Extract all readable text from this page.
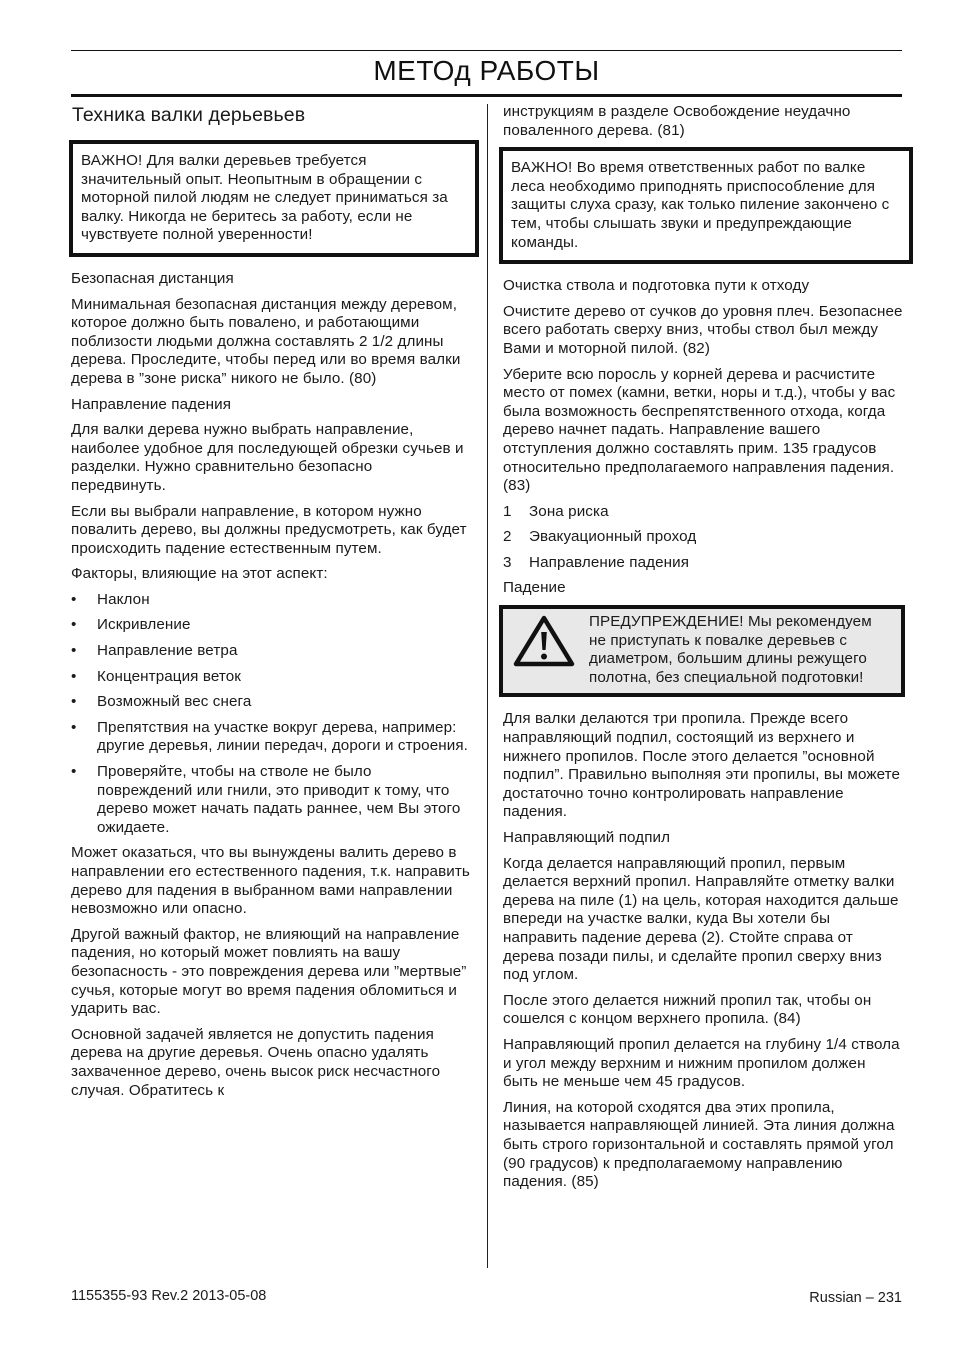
МЕТОд РАБОТЫ
Техника валки дерьевьев

ВАЖНО! Для валки деревьев требуется значительный опыт. Неопытным в обращении с моторной пилой людям не следует приниматься за валку. Никогда не беритесь за работу, если не чувствуете полной уверенности!

Безопасная дистанция

Минимальная безопасная дистанция между деревом, которое должно быть повалено, и работающими поблизости людьми должна составлять 2 1/2 длины дерева. Проследите, чтобы перед или во время валки дерева в ”зоне риска” никого не было. (80)

Направление падения

Для валки дерева нужно выбрать направление, наиболее удобное для последующей обрезки сучьев и разделки. Нужно сравнительно безопасно передвинуть.

Если вы выбрали направление, в котором нужно повалить дерево, вы должны предусмотреть, как будет происходить падение естественным путем.

Факторы, влияющие на этот аспект:

• Наклон
• Искривление
• Направление ветра
• Концентрация веток
• Возможный вес снега
• Препятствия на участке вокруг дерева, например: другие деревья, линии передач, дороги и строения.
• Проверяйте, чтобы на стволе не было повреждений или гнили, это приводит к тому, что дерево может начать падать раннее, чем Вы этого ожидаете.

Может оказаться, что вы вынуждены валить дерево в направлении его естественного падения, т.к. направить дерево для падения в выбранном вами направлении невозможно или опасно.

Другой важный фактор, не влияющий на направление падения, но который может повлиять на вашу безопасность - это повреждения дерева или ”мертвые” сучья, которые могут во время падения обломиться и ударить вас.

Основной задачей является не допустить падения дерева на другие деревья. Очень опасно удалять захваченное дерево, очень высок риск несчастного случая. Обратитесь к

инструкциям в разделе Освобождение неудачно поваленного дерева. (81)

ВАЖНО! Во время ответственных работ по валке леса необходимо приподнять приспособление для защиты слуха сразу, как только пиление закончено с тем, чтобы слышать звуки и предупреждающие команды.

Очистка ствола и подготовка пути к отходу

Очистите дерево от сучков до уровня плеч. Безопаснее всего работать сверху вниз, чтобы ствол был между Вами и моторной пилой. (82)

Уберите всю поросль у корней дерева и расчистите место от помех (камни, ветки, норы и т.д.), чтобы у вас была возможность беспрепятственного отхода, когда дерево начнет падать. Направление вашего отступления должно составлять прим. 135 градусов относительно предполагаемого направления падения. (83)

1 Зона риска
2 Эвакуационный проход
3 Направление падения
Падение
ПРЕДУПРЕЖДЕНИЕ! Мы рекомендуем не приступать к повалке деревьев с диаметром, большим длины режущего полотна, без специальной подготовки!

Для валки делаются три пропила. Прежде всего направляющий подпил, состоящий из верхнего и нижнего пропилов. После этого делается ”основной подпил”. Правильно выполняя эти пропилы, вы можете достаточно точно контролировать направление падения.

Направляющий подпил

Когда делается направляющий пропил, первым делается верхний пропил. Направляйте отметку валки дерева на пиле (1) на цель, которая находится дальше впереди на участке валки, куда Вы хотели бы направить падение дерева (2). Стойте справа от дерева позади пилы, и сделайте пропил сверху вниз под углом.

После этого делается нижний пропил так, чтобы он сошелся с концом верхнего пропила. (84)

Направляющий пропил делается на глубину 1/4 ствола и угол между верхним и нижним пропилом должен быть не меньше чем 45 градусов.

Линия, на которой сходятся два этих пропила, называется направляющей линией. Эта линия должна быть строго горизонтальной и составлять прямой угол (90 градусов) к предполагаемому направлению падения. (85)

1155355-93 Rev.2 2013-05-08	Russian – 231
